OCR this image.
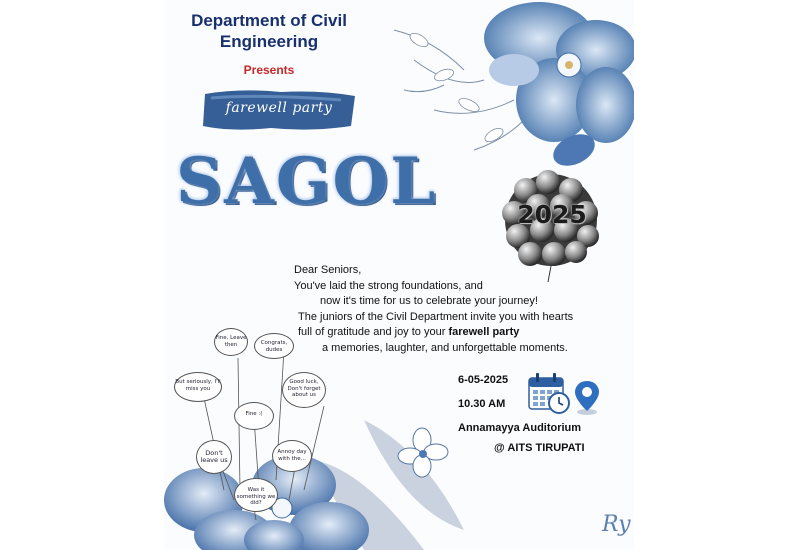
Department of Civil Engineering
Presents
farewell party
SAGOL	2025
Fine, Leave then	Congrats, dudes
But seriously, I'll miss you
Good luck, Don't forget about us
Fine :(
Don't leave us
Annoy day with the...
Was it something we did?
Dear Seniors,
You've laid the strong foundations, and
now it's time for us to celebrate your journey!
The juniors of the Civil Department invite you with hearts
full of gratitude and joy to your farewell party
a memories, laughter, and unforgettable moments.
6-05-2025
10.30 AM
Annamayya Auditorium
@ AITS TIRUPATI
Ry
